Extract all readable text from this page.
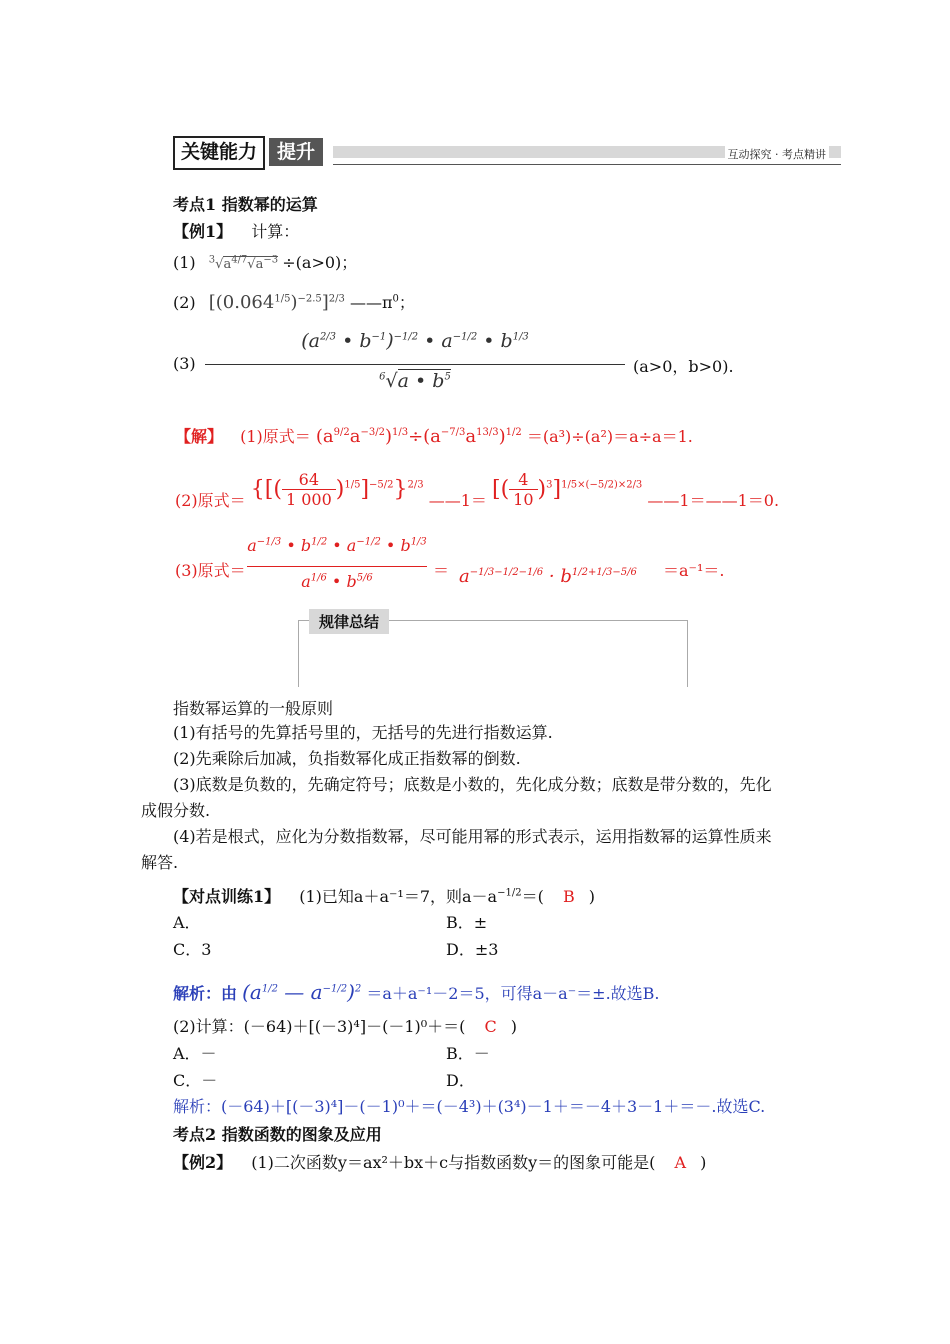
关键能力	提升	互动探究 · 考点精讲
考点1 指数幂的运算
【例1】 计算：
(1) $^3√a^{4/7}√a^{-3} \div(a>0)$；
(2) $[(0.064^{1/5})^{-2.5}]^{2/3}$ $——\pi^0$；
(3)
($a^{2/3}$ • $b^{-1})^{-1/2}$ • $a^{-1/2}$ • $b^{1/3}$
$^6$√a • $b^5$
(a>0，b>0).
【解】 (1)原式＝ $(a^{9/2}a^{-3/2})^{1/3}\div(a^{-7/3}a^{13/3})^{1/2} =(a^3)\div(a^2)=a\div a=1$.
(2)原式＝ {[( $\frac{64}{1 000} )^{1/5}]^{-5/2}\}^{2/3}$ ——1＝ [( $\frac{4}{10} )^3]^{1/5\times(-5/2)\times 2/3}$ ——1＝——1＝0.
(3)原式＝
$a^{-1/3}$ • $b^{1/2}$ • $a^{-1/2}$ • $b^{1/3}$
$a^{1/6}$ • $b^{5/6}$	＝ $a^{-1/3-1/2-1/6} \cdot b^{1/2+1/3-5/6} =a^{-1}=$.
规律总结
指数幂运算的一般原则
(1)有括号的先算括号里的，无括号的先进行指数运算.
(2)先乘除后加减，负指数幂化成正指数幂的倒数.
(3)底数是负数的，先确定符号；底数是小数的，先化成分数；底数是带分数的，先化
成假分数.
(4)若是根式，应化为分数指数幂，尽可能用幂的形式表示，运用指数幂的运算性质来
解答.
【对点训练1】 (1)已知a＋a⁻¹＝7，则$a-a^{-1/2}=$( B )
A．	B．±
C．3	D．±3
解析：由 ($a^{1/2}$ — $a^{-1/2})^2 =a+a^{-1}-2=5$，可得a－a⁻＝±.故选B.
(2)计算：(－64)＋[(－3)⁴]－(－1)⁰＋＝( C )
A．－	B．－
C．－	D．
解析：(－64)＋[(－3)⁴]－(－1)⁰＋＝(－4³)＋(3⁴)－1＋＝－4＋3－1＋＝－.故选C.
考点2 指数函数的图象及应用
【例2】 (1)二次函数y＝ax²＋bx＋c与指数函数y＝的图象可能是( A )
